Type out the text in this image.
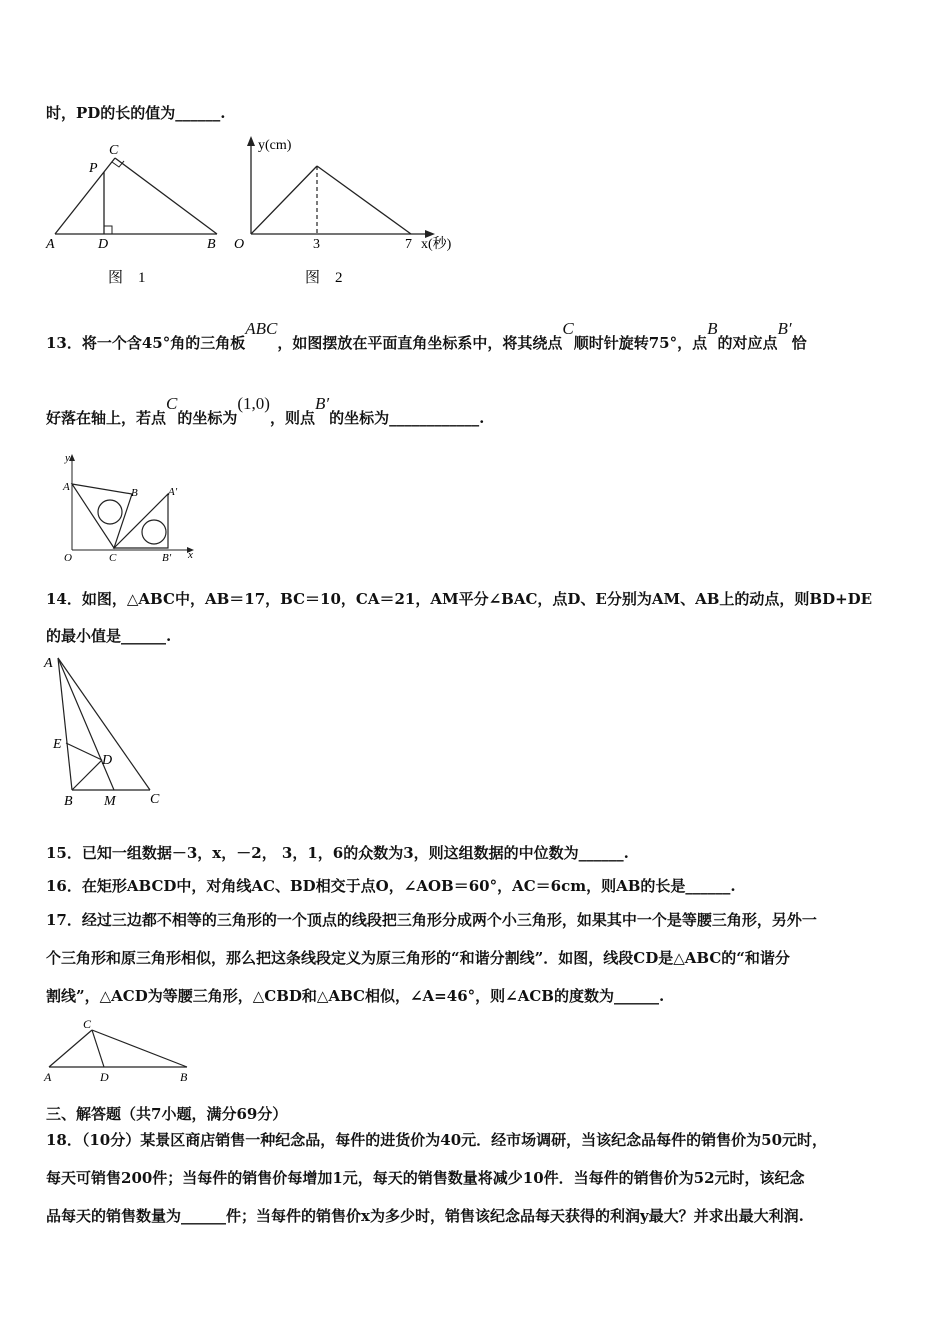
时，PD的长的值为______.
C
P
A	D	B
图　1
y(cm)
x(秒)
O	3	7
图　2
13．将一个含45°角的三角板ABC，如图摆放在平面直角坐标系中，将其绕点C顺时针旋转75°，点B的对应点B′恰
好落在轴上，若点C的坐标为(1,0)，则点B′的坐标为____________.
y
x
A	B	A′
O	C	B′
14．如图，△ABC中，AB＝17，BC＝10，CA＝21，AM平分∠BAC，点D、E分别为AM、AB上的动点，则BD+DE
的最小值是______.
A
E
D
B M C
15．已知一组数据－3，x，－2， 3，1，6的众数为3，则这组数据的中位数为______.
16．在矩形ABCD中，对角线AC、BD相交于点O，∠AOB＝60°，AC＝6cm，则AB的长是______.
17．经过三边都不相等的三角形的一个顶点的线段把三角形分成两个小三角形，如果其中一个是等腰三角形，另外一
个三角形和原三角形相似，那么把这条线段定义为原三角形的“和谐分割线”．如图，线段CD是△ABC的“和谐分
割线”，△ACD为等腰三角形，△CBD和△ABC相似，∠A=46°，则∠ACB的度数为______.
C
A	D	B
三、解答题（共7小题，满分69分）
18．（10分）某景区商店销售一种纪念品，每件的进货价为40元．经市场调研，当该纪念品每件的销售价为50元时，
每天可销售200件；当每件的销售价每增加1元，每天的销售数量将减少10件．当每件的销售价为52元时，该纪念
品每天的销售数量为______件；当每件的销售价x为多少时，销售该纪念品每天获得的利润y最大？并求出最大利润.
